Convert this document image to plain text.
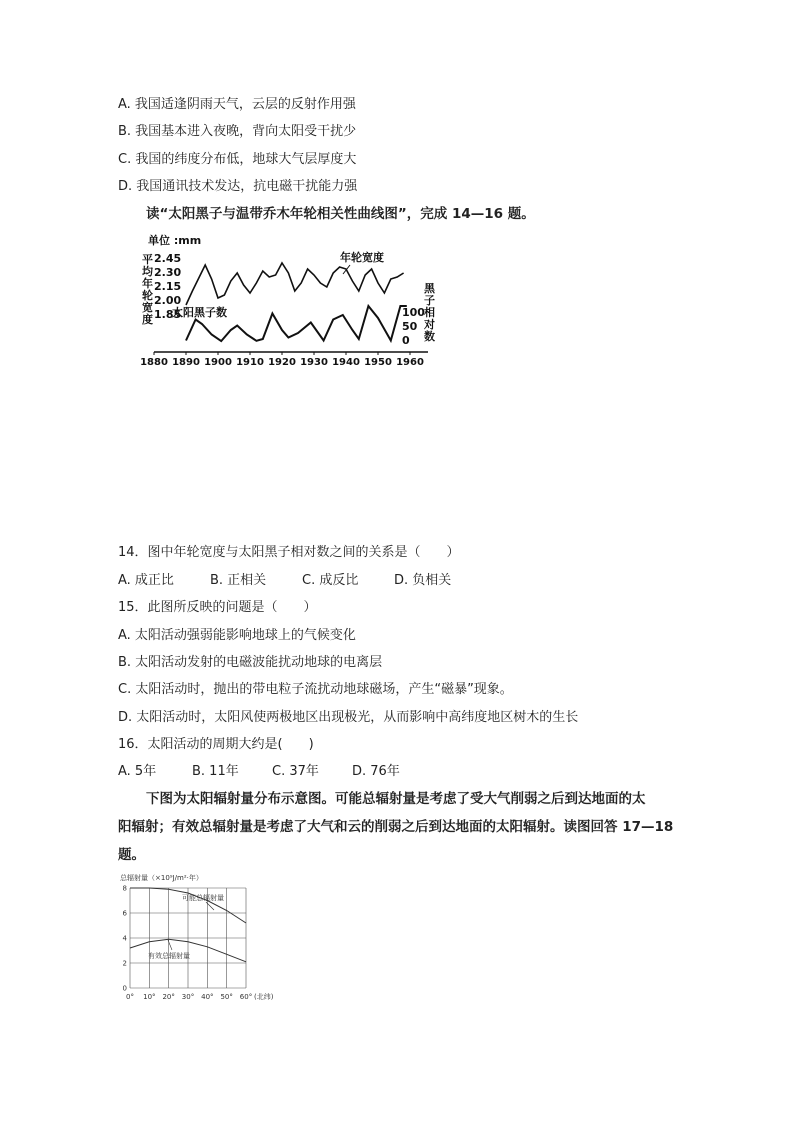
A. 我国适逢阴雨天气，云层的反射作用强
B. 我国基本进入夜晚，背向太阳受干扰少
C. 我国的纬度分布低，地球大气层厚度大
D. 我国通讯技术发达，抗电磁干扰能力强
读“太阳黑子与温带乔木年轮相关性曲线图”，完成 14—16 题。
单位 :mm
平
均
年
轮
宽
度
2.45
2.30
2.15
2.00
1.85
黑
子
相
对
数
100
50
0
1880 1890 1900 1910 1920 1930 1940 1950 1960
年轮宽度
太阳黑子数
14．图中年轮宽度与太阳黑子相对数之间的关系是（　　）
A. 成正比	B. 正相关	C. 成反比	D. 负相关
15．此图所反映的问题是（　　）
A. 太阳活动强弱能影响地球上的气候变化
B. 太阳活动发射的电磁波能扰动地球的电离层
C. 太阳活动时，抛出的带电粒子流扰动地球磁场，产生“磁暴”现象。
D. 太阳活动时，太阳风使两极地区出现极光，从而影响中高纬度地区树木的生长
16．太阳活动的周期大约是(　　)
A. 5年	B. 11年	C. 37年	D. 76年
下图为太阳辐射量分布示意图。可能总辐射量是考虑了受大气削弱之后到达地面的太
阳辐射；有效总辐射量是考虑了大气和云的削弱之后到达地面的太阳辐射。读图回答 17—18
题。
总辐射量（×10⁹J/m²·年）
0
2
4
6
8
0° 10° 20° 30° 40° 50° 60° (北纬)
可能总辐射量
有效总辐射量
